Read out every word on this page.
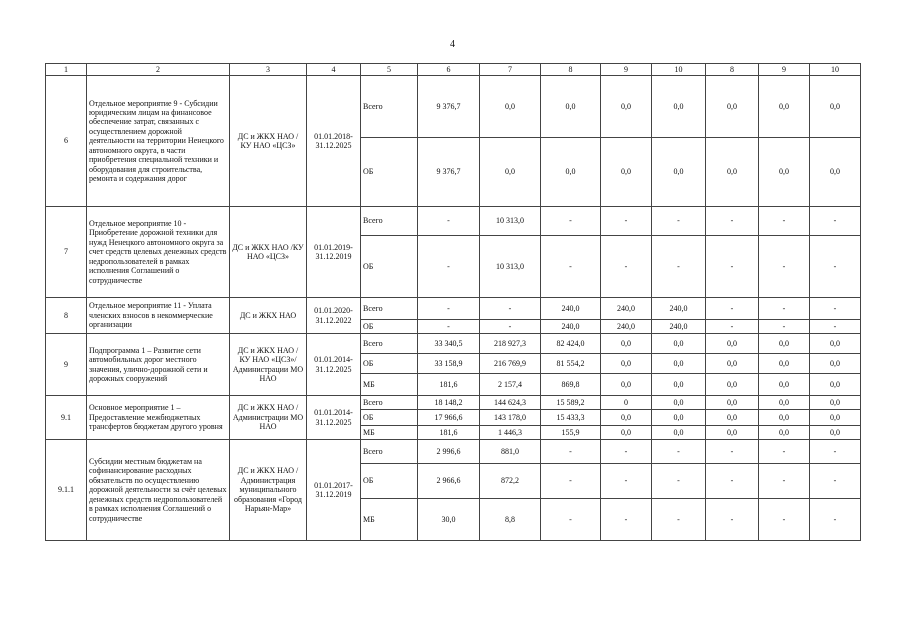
4
1	2	3	4	5	6	7	8	9	10	8	9	10
6	Отдельное мероприятие 9 - Субсидии юридическим лицам на финансовое обеспечение затрат, связанных с осуществлением дорожной деятельности на территории Ненецкого автономного округа, в части приобретения специальной техники и оборудования для строительства, ремонта и содержания дорог	ДС и ЖКХ НАО / КУ НАО «ЦСЗ»	01.01.2018-31.12.2025	Всего	9 376,7	0,0	0,0	0,0	0,0	0,0	0,0	0,0
				ОБ	9 376,7	0,0	0,0	0,0	0,0	0,0	0,0	0,0
7	Отдельное мероприятие 10 - Приобретение дорожной техники для нужд Ненецкого автономного округа за счет средств целевых денежных средств недропользователей в рамках исполнения Соглашений о сотрудничестве	ДС и ЖКХ НАО /КУ НАО «ЦСЗ»	01.01.2019-31.12.2019	Всего	-	10 313,0	-	-	-	-	-	-
				ОБ	-	10 313,0	-	-	-	-	-	-
8	Отдельное мероприятие 11 - Уплата членских взносов в некоммерческие организации	ДС и ЖКХ НАО	01.01.2020-31.12.2022	Всего	-	-	240,0	240,0	240,0	-	-	-
				ОБ	-	-	240,0	240,0	240,0	-	-	-
9	Подпрограмма 1 – Развитие сети автомобильных дорог местного значения, улично-дорожной сети и дорожных сооружений	ДС и ЖКХ НАО / КУ НАО «ЦСЗ»/ Администрации МО НАО	01.01.2014-31.12.2025	Всего	33 340,5	218 927,3	82 424,0	0,0	0,0	0,0	0,0	0,0
				ОБ	33 158,9	216 769,9	81 554,2	0,0	0,0	0,0	0,0	0,0
				МБ	181,6	2 157,4	869,8	0,0	0,0	0,0	0,0	0,0
9.1	Основное мероприятие 1 – Предоставление межбюджетных трансфертов бюджетам другого уровня	ДС и ЖКХ НАО / Администрации МО НАО	01.01.2014-31.12.2025	Всего	18 148,2	144 624,3	15 589,2	0	0,0	0,0	0,0	0,0
				ОБ	17 966,6	143 178,0	15 433,3	0,0	0,0	0,0	0,0	0,0
				МБ	181,6	1 446,3	155,9	0,0	0,0	0,0	0,0	0,0
9.1.1	Субсидии местным бюджетам на софинансирование расходных обязательств по осуществлению дорожной деятельности за счёт целевых денежных средств недропользователей в рамках исполнения Соглашений о сотрудничестве	ДС и ЖКХ НАО / Администрация муниципального образования «Город Нарьян-Мар»	01.01.2017-31.12.2019	Всего	2 996,6	881,0	-	-	-	-	-	-
				ОБ	2 966,6	872,2	-	-	-	-	-	-
				МБ	30,0	8,8	-	-	-	-	-	-
